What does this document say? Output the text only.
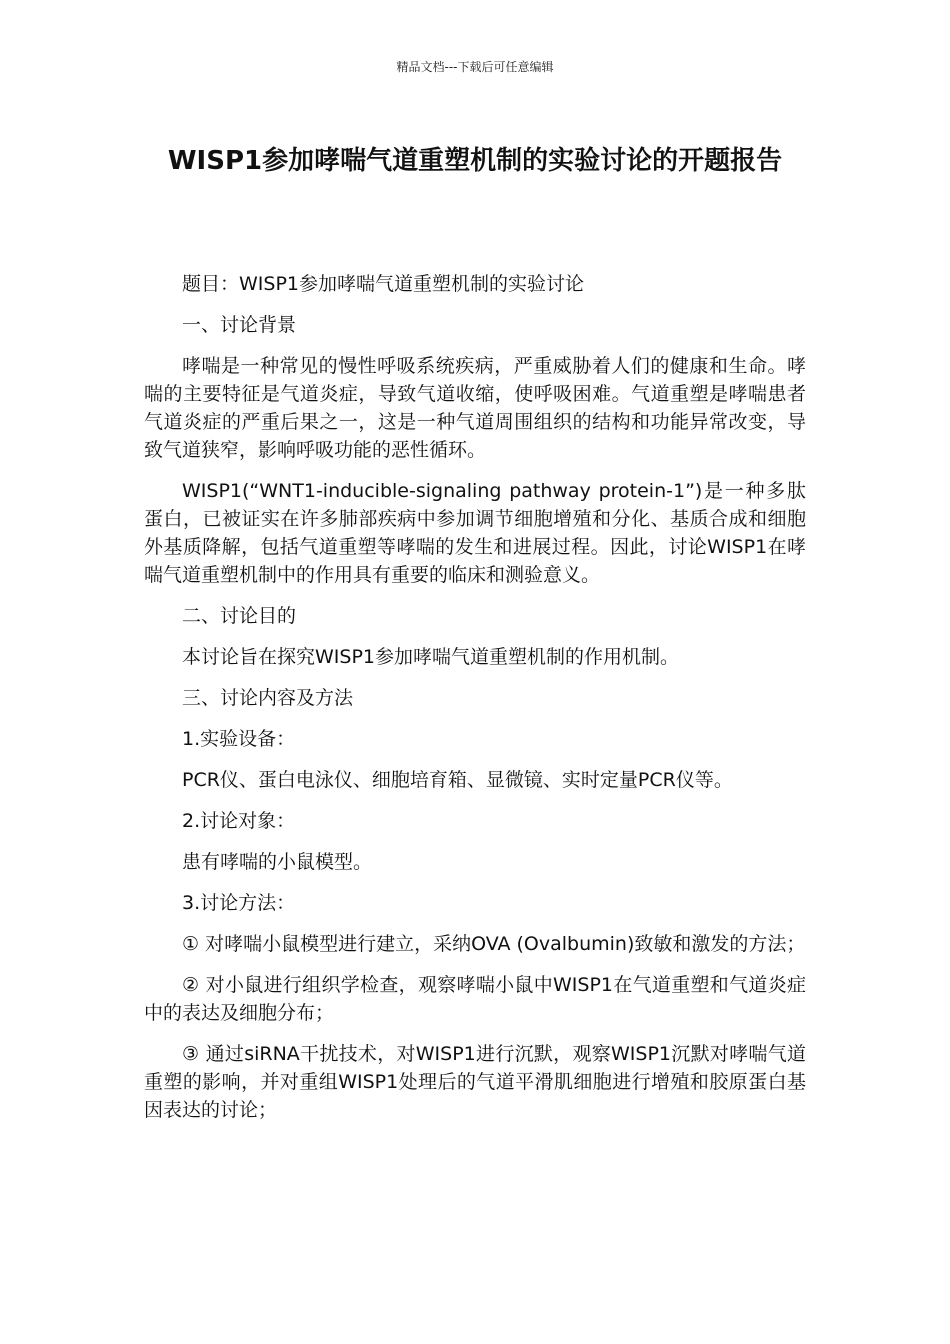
精品文档---下载后可任意编辑
WISP1参加哮喘气道重塑机制的实验讨论的开题报告

题目：WISP1参加哮喘气道重塑机制的实验讨论

一、讨论背景

哮喘是一种常见的慢性呼吸系统疾病，严重威胁着人们的健康和生命。哮喘的主要特征是气道炎症，导致气道收缩，使呼吸困难。气道重塑是哮喘患者气道炎症的严重后果之一，这是一种气道周围组织的结构和功能异常改变，导致气道狭窄，影响呼吸功能的恶性循环。

WISP1(“WNT1-inducible-signaling pathway protein-1”)是一种多肽蛋白，已被证实在许多肺部疾病中参加调节细胞增殖和分化、基质合成和细胞外基质降解，包括气道重塑等哮喘的发生和进展过程。因此，讨论WISP1在哮喘气道重塑机制中的作用具有重要的临床和测验意义。

二、讨论目的

本讨论旨在探究WISP1参加哮喘气道重塑机制的作用机制。

三、讨论内容及方法

1.实验设备：

PCR仪、蛋白电泳仪、细胞培育箱、显微镜、实时定量PCR仪等。

2.讨论对象：

患有哮喘的小鼠模型。

3.讨论方法：

① 对哮喘小鼠模型进行建立，采纳OVA (Ovalbumin)致敏和激发的方法；

② 对小鼠进行组织学检查，观察哮喘小鼠中WISP1在气道重塑和气道炎症中的表达及细胞分布；

③ 通过siRNA干扰技术，对WISP1进行沉默，观察WISP1沉默对哮喘气道重塑的影响，并对重组WISP1处理后的气道平滑肌细胞进行增殖和胶原蛋白基因表达的讨论；
